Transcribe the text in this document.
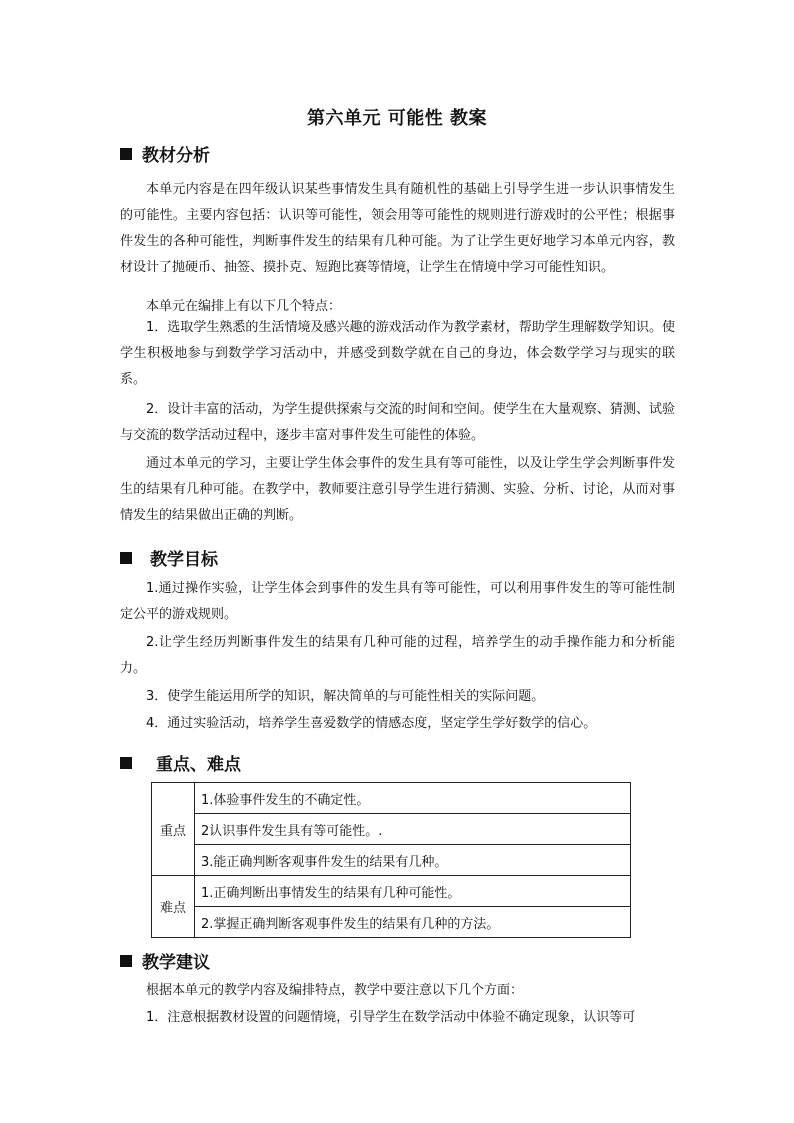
第六单元 可能性 教案
教材分析

本单元内容是在四年级认识某些事情发生具有随机性的基础上引导学生进一步认识事情发生的可能性。主要内容包括：认识等可能性，领会用等可能性的规则进行游戏时的公平性；根据事件发生的各种可能性，判断事件发生的结果有几种可能。为了让学生更好地学习本单元内容，教材设计了抛硬币、抽签、摸扑克、短跑比赛等情境，让学生在情境中学习可能性知识。

本单元在编排上有以下几个特点：

1．选取学生熟悉的生活情境及感兴趣的游戏活动作为教学素材，帮助学生理解数学知识。使学生积极地参与到数学学习活动中，并感受到数学就在自己的身边，体会数学学习与现实的联系。

2．设计丰富的活动，为学生提供探索与交流的时间和空间。使学生在大量观察、猜测、试验与交流的数学活动过程中，逐步丰富对事件发生可能性的体验。

通过本单元的学习，主要让学生体会事件的发生具有等可能性，以及让学生学会判断事件发生的结果有几种可能。在教学中，教师要注意引导学生进行猜测、实验、分析、讨论，从而对事情发生的结果做出正确的判断。

教学目标

1.通过操作实验，让学生体会到事件的发生具有等可能性，可以利用事件发生的等可能性制定公平的游戏规则。

2.让学生经历判断事件发生的结果有几种可能的过程，培养学生的动手操作能力和分析能力。

3．使学生能运用所学的知识，解决简单的与可能性相关的实际问题。

4．通过实验活动，培养学生喜爱数学的情感态度，坚定学生学好数学的信心。

重点、难点
重点	1.体验事件发生的不确定性。
	2认识事件发生具有等可能性。.
	3.能正确判断客观事件发生的结果有几种。
难点	1.正确判断出事情发生的结果有几种可能性。
	2.掌握正确判断客观事件发生的结果有几种的方法。
教学建议

根据本单元的教学内容及编排特点，教学中要注意以下几个方面：

1．注意根据教材设置的问题情境，引导学生在数学活动中体验不确定现象，认识等可
